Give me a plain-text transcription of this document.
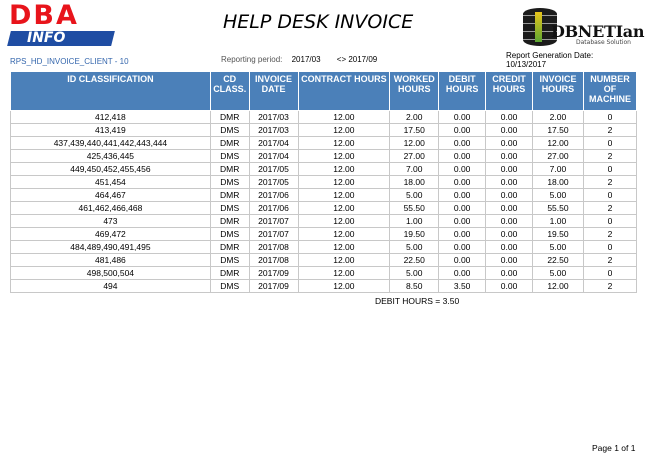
DBA
INFO
HELP DESK INVOICE	DBNETIan
Database Solution
RPS_HD_INVOICE_CLIENT - 10	Reporting period: 2017/03 <> 2017/09	Report Generation Date:
10/13/2017
ID CLASSIFICATION	CD CLASS.	INVOICE DATE	CONTRACT HOURS	WORKED HOURS	DEBIT HOURS	CREDIT HOURS	INVOICE HOURS	NUMBER OF MACHINE
412,418	DMR	2017/03	12.00	2.00	0.00	0.00	2.00	0
413,419	DMS	2017/03	12.00	17.50	0.00	0.00	17.50	2
437,439,440,441,442,443,444	DMR	2017/04	12.00	12.00	0.00	0.00	12.00	0
425,436,445	DMS	2017/04	12.00	27.00	0.00	0.00	27.00	2
449,450,452,455,456	DMR	2017/05	12.00	7.00	0.00	0.00	7.00	0
451,454	DMS	2017/05	12.00	18.00	0.00	0.00	18.00	2
464,467	DMR	2017/06	12.00	5.00	0.00	0.00	5.00	0
461,462,466,468	DMS	2017/06	12.00	55.50	0.00	0.00	55.50	2
473	DMR	2017/07	12.00	1.00	0.00	0.00	1.00	0
469,472	DMS	2017/07	12.00	19.50	0.00	0.00	19.50	2
484,489,490,491,495	DMR	2017/08	12.00	5.00	0.00	0.00	5.00	0
481,486	DMS	2017/08	12.00	22.50	0.00	0.00	22.50	2
498,500,504	DMR	2017/09	12.00	5.00	0.00	0.00	5.00	0
494	DMS	2017/09	12.00	8.50	3.50	0.00	12.00	2
DEBIT HOURS = 3.50
Page 1 of 1
